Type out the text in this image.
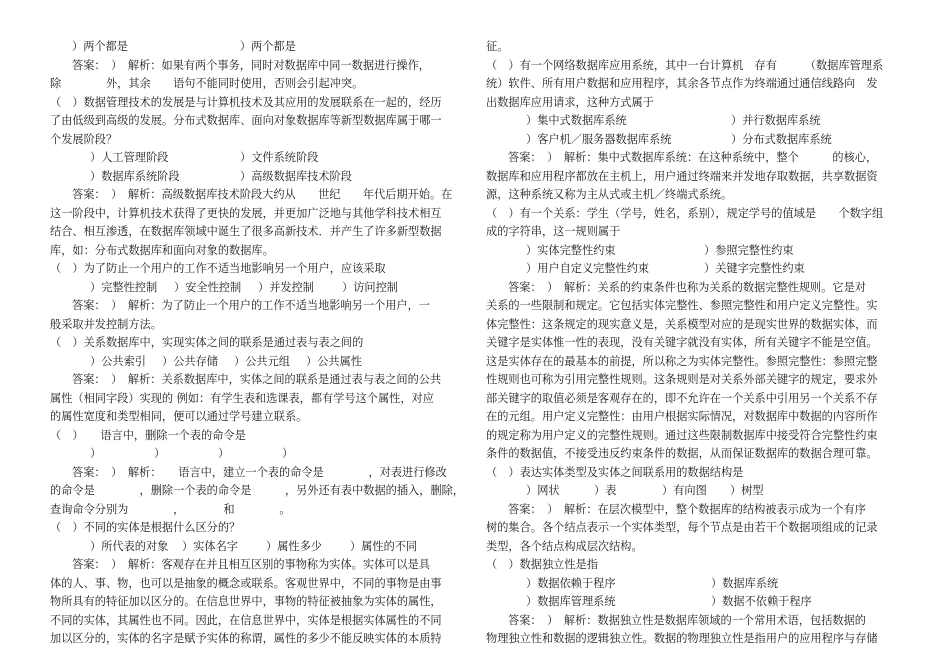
）两个都是　　　　　　　　　　）两个都是
答案：　）　解析：如果有两个事务，同时对数据库中同一数据进行操作，
除　　　　外，其余　　语句不能同时使用，否则会引起冲突。
（　）数据管理技术的发展是与计算机技术及其应用的发展联系在一起的，经历
了由低级到高级的发展。分布式数据库、面向对象数据库等新型数据库属于哪一
个发展阶段？
）人工管理阶段	）文件系统阶段
）数据库系统阶段	）高级数据库技术阶段
答案：　）　解析：高级数据库技术阶段大约从　　世纪　　年代后期开始。在
这一阶段中，计算机技术获得了更快的发展，并更加广泛地与其他学科技术相互
结合、相互渗透，在数据库领域中诞生了很多高新技术．并产生了许多新型数据
库，如：分布式数据库和面向对象的数据库。
（　）为了防止一个用户的工作不适当地影响另一个用户，应该采取
）完整性控制 ）安全性控制 ）并发控制	）访问控制
答案：　）　解析：为了防止一个用户的工作不适当地影响另一个用户，一
般采取并发控制方法。
（　）关系数据库中，实现实体之间的联系是通过表与表之间的
）公共索引 ）公共存储 ）公共元组 ）公共属性
答案：　）　解析：关系数据库中，实体之间的联系是通过表与表之间的公共
属性（相同字段）实现的 例如：有学生表和选课表，都有学号这个属性，对应
的属性宽度和类型相同，便可以通过学号建立联系。
（　）　　语言中，删除一个表的命令是
）	）	）	）
答案：　）　解析：　　语言中，建立一个表的命令是　　　　，对表进行修改
的命令是　　　　，删除一个表的命令是　　　，另外还有表中数据的插入，删除，
查询命令分别为　　　　，　　　　和　　　　。
（　）不同的实体是根据什么区分的？
）所代表的对象 ）实体名字	）属性多少	）属性的不同
答案：　）　解析：客观存在并且相互区别的事物称为实体。实体可以是具
体的人、事、物，也可以是抽象的概念或联系。客观世界中，不同的事物是由事
物所具有的特征加以区分的。在信息世界中，事物的特征被抽象为实体的属性，
不同的实体，其属性也不同。因此，在信息世界中，实体是根据实体属性的不同
加以区分的，实体的名字是赋予实体的称谓，属性的多少不能反映实体的本质特
征。
（　）有一个网络数据库应用系统，其中一台计算机　存有　　　（数据库管理系
统）软件、所有用户数据和应用程序，其余各节点作为终端通过通信线路向　发
出数据库应用请求，这种方式属于
）集中式数据库系统	）并行数据库系统
）客户机／服务器数据库系统	）分布式数据库系统
答案：　）　解析：集中式数据库系统：在这种系统中，整个　　　的核心，
数据库和应用程序都放在主机上，用户通过终端来并发地存取数据，共享数据资
源，这种系统又称为主从式或主机／终端式系统。
（　）有一个关系：学生（学号，姓名，系别），规定学号的值域是　　个数字组
成的字符串，这一规则属于
）实体完整性约束	）参照完整性约束
）用户自定义完整性约束	）关键字完整性约束
答案：　）　解析：关系的约束条件也称为关系的数据完整性规则。它是对
关系的一些限制和规定。它包括实体完整性、参照完整性和用户定义完整性。实
体完整性：这条规定的现实意义是，关系模型对应的是现实世界的数据实体，而
关键字是实体惟一性的表现，没有关键字就没有实体，所有关键字不能是空值。
这是实体存在的最基本的前提，所以称之为实体完整性。参照完整性：参照完整
性规则也可称为引用完整性规则。这条规则是对关系外部关键字的规定，要求外
部关键字的取值必须是客观存在的，即不允许在一个关系中引用另一个关系不存
在的元组。用户定义完整性：由用户根据实际情况，对数据库中数据的内容所作
的规定称为用户定义的完整性规则。通过这些限制数据库中接受符合完整性约束
条件的数据值，不接受违反约束条件的数据，从而保证数据库的数据合理可靠。
（　）表达实体类型及实体之间联系用的数据结构是
）网状	）表	）有向图 ）树型
答案：　）　解析：在层次模型中，整个数据库的结构被表示成为一个有序
树的集合。各个结点表示一个实体类型，每个节点是由若干个数据项组成的记录
类型，各个结点构成层次结构。
（　）数据独立性是指
）数据依赖于程序	）数据库系统
）数据库管理系统	）数据不依赖于程序
答案：　）　解析：数据独立性是数据库领域的一个常用术语，包括数据的
物理独立性和数据的逻辑独立性。数据的物理独立性是指用户的应用程序与存储
